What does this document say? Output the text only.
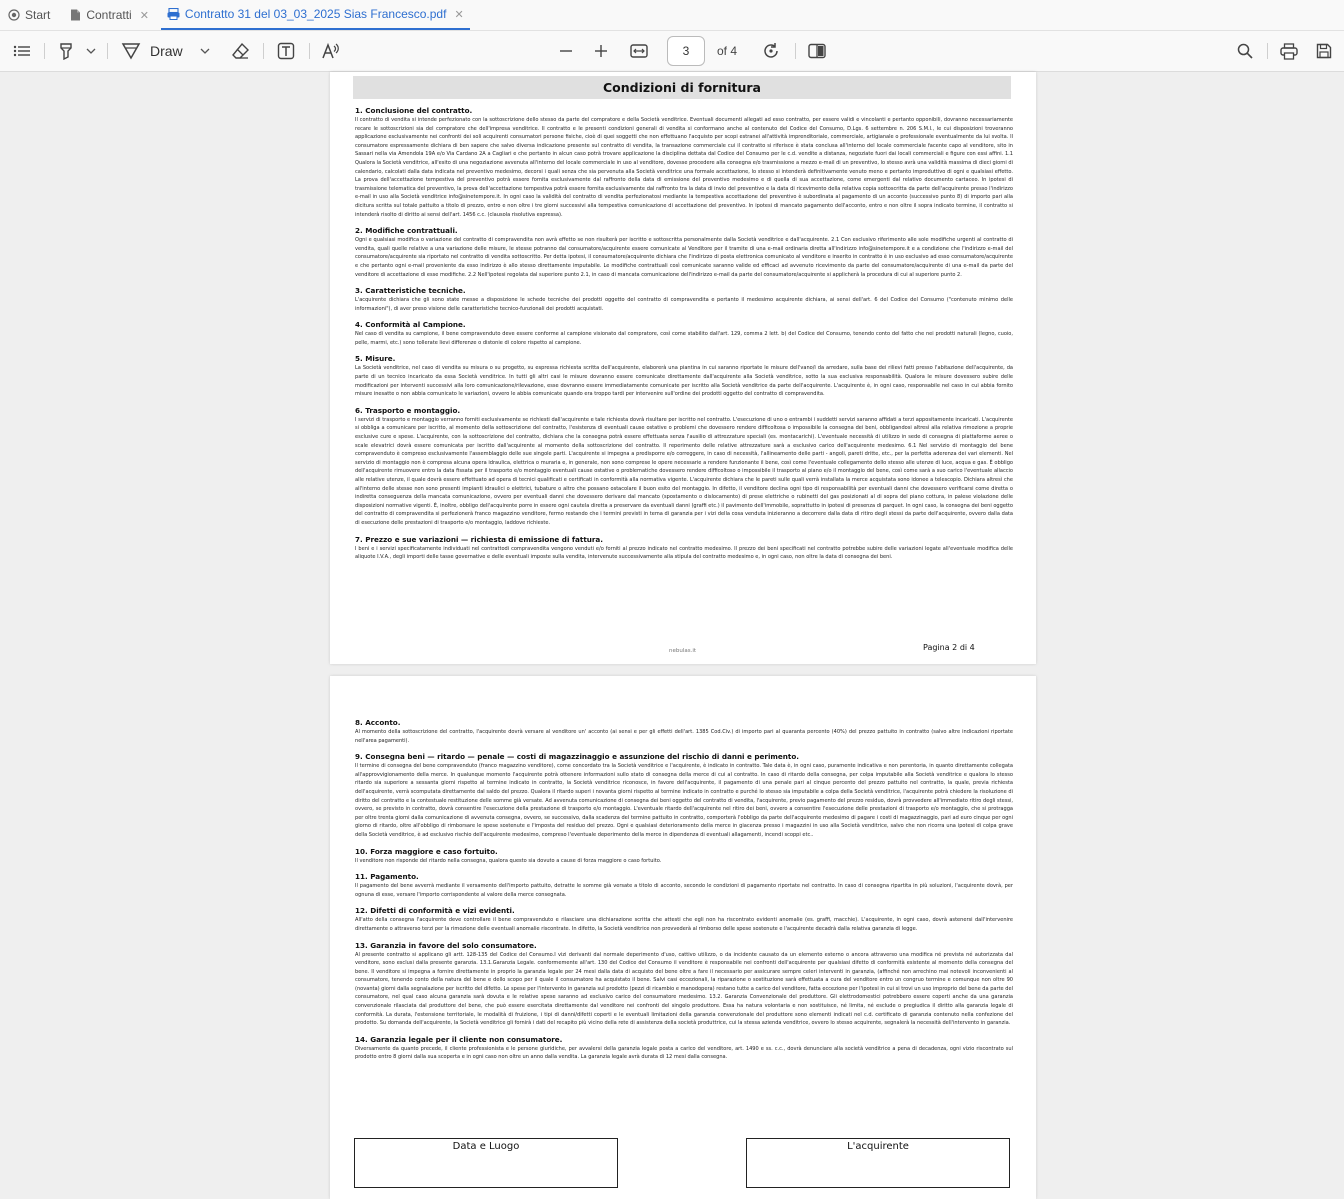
Start	Contratti ✕	Contratto 31 del 03_03_2025 Sias Francesco.pdf ✕
Draw	3	of 4
Condizioni di fornitura
1. Conclusione del contratto.

Il contratto di vendita si intende perfezionato con la sottoscrizione dello stesso da parte del compratore e della Società venditrice. Eventuali documenti allegati ad esso contratto, per essere validi e vincolanti e pertanto opponibili, dovranno necessariamente recare le sottoscrizioni sia del compratore che dell'impresa venditrice. Il contratto e le presenti condizioni generali di vendita si conformano anche al contenuto del Codice del Consumo, D.Lgs. 6 settembre n. 206 S.M.I., le cui disposizioni troveranno applicazione esclusivamente nei confronti dei soli acquirenti consumatori persone fisiche, cioè di quei soggetti che non effettuano l'acquisto per scopi estranei all'attività imprenditoriale, commerciale, artigianale o professionale eventualmente da lui svolta. Il consumatore espressamente dichiara di ben sapere che salvo diversa indicazione presente sul contratto di vendita, la transazione commerciale cui il contratto si riferisce è stata conclusa all'interno del locale commerciale facente capo al venditore, sito in Sassari nella via Amendola 19A e/o Via Cardano 2A a Cagliari e che pertanto in alcun caso potrà trovare applicazione la disciplina dettata dal Codice del Consumo per le c.d. vendite a distanza, negoziate fuori dai locali commerciali e figure con essi affini. 1.1 Qualora la Società venditrice, all'esito di una negoziazione avvenuta all'interno del locale commerciale in uso al venditore, dovesse procedere alla consegna e/o trasmissione a mezzo e-mail di un preventivo, lo stesso avrà una validità massima di dieci giorni di calendario, calcolati dalla data indicata nel preventivo medesimo, decorsi i quali senza che sia pervenuta alla Società venditrice una formale accettazione, lo stesso si intenderà definitivamente venuto meno e pertanto improduttivo di ogni e qualsiasi effetto. La prova dell'accettazione tempestiva del preventivo potrà essere fornita esclusivamente dal raffronto della data di emissione del preventivo medesimo e di quella di sua accettazione, come emergenti dal relativo documento cartaceo. In ipotesi di trasmissione telematica del preventivo, la prova dell'accettazione tempestiva potrà essere fornita esclusivamente dal raffronto tra la data di invio del preventivo e la data di ricevimento della relativa copia sottoscritta da parte dell'acquirente presso l'indirizzo e-mail in uso alla Società venditrice info@sinetempore.it. In ogni caso la validità del contratto di vendita perfezionatosi mediante la tempestiva accettazione del preventivo è subordinata al pagamento di un acconto (successivo punto 8) di importo pari alla dicitura scritta sul totale pattuito a titolo di prezzo, entro e non oltre i tre giorni successivi alla tempestiva comunicazione di accettazione del preventivo. In ipotesi di mancato pagamento dell'acconto, entro e non oltre il sopra indicato termine, il contratto si intenderà risolto di diritto ai sensi dell'art. 1456 c.c. (clausola risolutiva espressa).

2. Modifiche contrattuali.

Ogni e qualsiasi modifica o variazione del contratto di compravendita non avrà effetto se non risulterà per iscritto e sottoscritta personalmente dalla Società venditrice e dall'acquirente. 2.1 Con esclusivo riferimento alle sole modifiche urgenti al contratto di vendita, quali quelle relative a una variazione delle misure, le stesse potranno dal consumatore/acquirente essere comunicate al Venditore per il tramite di una e-mail ordinaria diretta all'indirizzo info@sinetempore.it e a condizione che l'indirizzo e-mail del consumatore/acquirente sia riportato nel contratto di vendita sottoscritto. Per detta ipotesi, il consumatore/acquirente dichiara che l'indirizzo di posta elettronica comunicato al venditore e inserito in contratto è in uso esclusivo ad esso consumatore/acquirente e che pertanto ogni e-mail proveniente da esso indirizzo è allo stesso direttamente imputabile. Le modifiche contrattuali così comunicate saranno valide ed efficaci ad avvenuto ricevimento da parte del consumatore/acquirente di una e-mail da parte del venditore di accettazione di esse modifiche. 2.2 Nell'ipotesi regolata dal superiore punto 2.1, in caso di mancata comunicazione dell'indirizzo e-mail da parte del consumatore/acquirente si applicherà la procedura di cui al superiore punto 2.

3. Caratteristiche tecniche.

L'acquirente dichiara che gli sono state messe a disposizione le schede tecniche dei prodotti oggetto del contratto di compravendita e pertanto il medesimo acquirente dichiara, ai sensi dell'art. 6 del Codice del Consumo ("contenuto minimo delle informazioni"), di aver preso visione delle caratteristiche tecnico-funzionali dei prodotti acquistati.

4. Conformità al Campione.

Nel caso di vendita su campione, il bene compravenduto deve essere conforme al campione visionato dal compratore, così come stabilito dall'art. 129, comma 2 lett. b) del Codice del Consumo, tenendo conto del fatto che nei prodotti naturali (legno, cuoio, pelle, marmi, etc.) sono tollerate lievi differenze o distonie di colore rispetto al campione.

5. Misure.

La Società venditrice, nel caso di vendita su misura o su progetto, su espressa richiesta scritta dell'acquirente, elaborerà una piantina in cui saranno riportate le misure dell'vano/i da arredare, sulla base dei rilievi fatti presso l'abitazione dell'acquirente, da parte di un tecnico incaricato da essa Società venditrice. In tutti gli altri casi le misure dovranno essere comunicate direttamente dall'acquirente alla Società venditrice, sotto la sua esclusiva responsabilità. Qualora le misure dovessero subire delle modificazioni per interventi successivi alla loro comunicazione/rilevazione, esse dovranno essere immediatamente comunicate per iscritto alla Società venditrice da parte dell'acquirente. L'acquirente è, in ogni caso, responsabile nel caso in cui abbia fornito misure inesatte o non abbia comunicato le variazioni, ovvero le abbia comunicate quando era troppo tardi per intervenire sull'ordine dei prodotti oggetto del contratto di compravendita.

6. Trasporto e montaggio.

I servizi di trasporto e montaggio verranno forniti esclusivamente se richiesti dall'acquirente e tale richiesta dovrà risultare per iscritto nel contratto. L'esecuzione di uno o entrambi i suddetti servizi saranno affidati a terzi appositamente incaricati. L'acquirente si obbliga a comunicare per iscritto, al momento della sottoscrizione del contratto, l'esistenza di eventuali cause ostative o problemi che dovessero rendere difficoltosa o impossibile la consegna dei beni, obbligandosi altresì alla relativa rimozione a proprie esclusive cure e spese. L'acquirente, con la sottoscrizione del contratto, dichiara che la consegna potrà essere effettuata senza l'ausilio di attrezzature speciali (es. montacarichi). L'eventuale necessità di utilizzo in sede di consegna di piattaforme aeree o scale elevatrici dovrà essere comunicata per iscritto dall'acquirente al momento della sottoscrizione del contratto. Il reperimento delle relative attrezzature sarà a esclusivo carico dell'acquirente medesimo. 6.1 Nel servizio di montaggio del bene compravenduto è compreso esclusivamente l'assemblaggio delle sue singole parti. L'acquirente si impegna a predisporre e/o correggere, in caso di necessità, l'allineamento delle parti - angoli, pareti dritte, etc., per la perfetta aderenza dei vari elementi. Nel servizio di montaggio non è compresa alcuna opera idraulica, elettrica o muraria e, in generale, non sono comprese le opere necessarie a rendere funzionante il bene, così come l'eventuale collegamento dello stesso alle utenze di luce, acqua e gas. È obbligo dell'acquirente rimuovere entro la data fissata per il trasporto e/o montaggio eventuali cause ostative o problematiche dovessero rendere difficoltoso o impossibile il trasporto al piano e/o il montaggio del bene, così come sarà a suo carico l'eventuale allaccio alle relative utenze, il quale dovrà essere effettuato ad opera di tecnici qualificati e certificati in conformità alla normativa vigente. L'acquirente dichiara che le pareti sulle quali verrà installata la merce acquistata sono idonee a telescopio. Dichiara altresì che all'interno delle stesse non sono presenti impianti idraulici o elettrici, tubature o altro che possano ostacolare il buon esito del montaggio. In difetto, il venditore declina ogni tipo di responsabilità per eventuali danni che dovessero verificarsi come diretta o indiretta conseguenza della mancata comunicazione, ovvero per eventuali danni che dovessero derivare dal mancato (spostamento o dislocamento) di prese elettriche o rubinetti del gas posizionati al di sopra del piano cottura, in palese violazione delle disposizioni normative vigenti. È, inoltre, obbligo dell'acquirente porre in essere ogni cautela diretta a preservare da eventuali danni (graffi etc.) il pavimento dell'immobile, soprattutto in ipotesi di presenza di parquet. In ogni caso, la consegna dei beni oggetto del contratto di compravendita si perfezionerà franco magazzino venditore, fermo restando che i termini previsti in tema di garanzia per i vizi della cosa venduta inizieranno a decorrere dalla data di ritiro degli stessi da parte dell'acquirente, ovvero dalla data di esecuzione delle prestazioni di trasporto e/o montaggio, laddove richieste.

7. Prezzo e sue variazioni — richiesta di emissione di fattura.

I beni e i servizi specificatamente individuati nel contrattodi compravendita vengono venduti e/o forniti al prezzo indicato nel contratto medesimo. Il prezzo dei beni specificati nel contratto potrebbe subire delle variazioni legate all'eventuale modifica delle aliquote I.V.A., degli importi delle tasse governative e delle eventuali imposte sulla vendita, intervenute successivamente alla stipula del contratto medesimo e, in ogni caso, non oltre la data di consegna dei beni.

nebulas.it	Pagina 2 di 4
8. Acconto.

Al momento della sottoscrizione del contratto, l'acquirente dovrà versare al venditore un' acconto (ai sensi e per gli effetti dell'art. 1385 Cod.Civ.) di importo pari al quaranta percento (40%) del prezzo pattuito in contratto (salvo altre indicazioni riportate nell'area pagamenti).

9. Consegna beni — ritardo — penale — costi di magazzinaggio e assunzione del rischio di danni e perimento.

Il termine di consegna del bene compravenduto (franco magazzino venditore), come concordato tra la Società venditrice e l'acquirente, è indicato in contratto. Tale data è, in ogni caso, puramente indicativa e non perentoria, in quanto direttamente collegata all'approvvigionamento della merce. In qualunque momento l'acquirente potrà ottenere informazioni sullo stato di consegna della merce di cui al contratto. In caso di ritardo della consegna, per colpa imputabile alla Società venditrice e qualora lo stesso ritardo sia superiore a sessanta giorni rispetto al termine indicato in contratto, la Società venditrice riconosce, in favore dell'acquirente, il pagamento di una penale pari al cinque percento del prezzo pattuito nel contratto, la quale, previa richiesta dell'acquirente, verrà scomputata direttamente dal saldo del prezzo. Qualora il ritardo superi i novanta giorni rispetto al termine indicato in contratto e purché lo stesso sia imputabile a colpa della Società venditrice, l'acquirente potrà chiedere la risoluzione di diritto del contratto e la contestuale restituzione delle somme già versate. Ad avvenuta comunicazione di consegna dei beni oggetto del contratto di vendita, l'acquirente, previo pagamento del prezzo residuo, dovrà provvedere all'immediato ritiro degli stessi, ovvero, se previsto in contratto, dovrà consentire l'esecuzione della prestazione di trasporto e/o montaggio. L'eventuale ritardo dell'acquirente nel ritiro dei beni, ovvero a consentire l'esecuzione delle prestazioni di trasporto e/o montaggio, che si protragga per oltre trenta giorni dalla comunicazione di avvenuta consegna, ovvero, se successivo, dalla scadenza del termine pattuito in contratto, comporterà l'obbligo da parte dell'acquirente medesimo di pagare i costi di magazzinaggio, pari ad euro cinque per ogni giorno di ritardo, oltre all'obbligo di rimborsare le spese sostenute e l'imposta del residuo del prezzo. Ogni e qualsiasi deterioramento della merce in giacenza presso i magazzini in uso alla Società venditrice, salvo che non ricorra una ipotesi di colpa grave della Società venditrice, è ad esclusivo rischio dell'acquirente medesimo, compreso l'eventuale deperimento della merce in dipendenza di eventuali allagamenti, incendi scoppi etc..

10. Forza maggiore e caso fortuito.

Il venditore non risponde del ritardo nella consegna, qualora questo sia dovuto a cause di forza maggiore o caso fortuito.

11. Pagamento.

Il pagamento del bene avverrà mediante il versamento dell'importo pattuito, detratte le somme già versate a titolo di acconto, secondo le condizioni di pagamento riportate nel contratto. In caso di consegna ripartita in più soluzioni, l'acquirente dovrà, per ognuna di esse, versare l'importo corrispondente al valore della merce consegnata.

12. Difetti di conformità e vizi evidenti.

All'atto della consegna l'acquirente deve controllare il bene compravenduto e rilasciare una dichiarazione scritta che attesti che egli non ha riscontrato evidenti anomalie (es. graffi, macchie). L'acquirente, in ogni caso, dovrà astenersi dall'intervenire direttamente o attraverso terzi per la rimozione delle eventuali anomalie riscontrate. In difetto, la Società venditrice non provvederà al rimborso delle spese sostenute e l'acquirente decadrà dalla relativa garanzia di legge.

13. Garanzia in favore del solo consumatore.

Al presente contratto si applicano gli artt. 128-135 del Codice del Consumo.I vizi derivanti dal normale deperimento d'uso, cattivo utilizzo, o da incidente causato da un elemento esterno o ancora attraverso una modifica né prevista né autorizzata dal venditore, sono esclusi dalla presente garanzia. 13.1.Garanzia Legale. conformemente all'art. 130 del Codice del Consumo il venditore è responsabile nei confronti dell'acquirente per qualsiasi difetto di conformità esistente al momento della consegna del bene. Il venditore si impegna a fornire direttamente in proprio la garanzia legale per 24 mesi dalla data di acquisto del bene oltre a fare il necessario per assicurare sempre celeri interventi in garanzia, (affinché non arrechino mai notevoli inconvenienti al consumatore, tenendo conto della natura del bene e dello scopo per il quale il consumatore ha acquistato il bene. Salvi casi eccezionali, la riparazione o sostituzione sarà effettuata a cura del venditore entro un congruo termine e comunque non oltre 90 (novanta) giorni dalla segnalazione per iscritto del difetto. Le spese per l'intervento in garanzia sul prodotto (pezzi di ricambio e manodopera) restano tutte a carico del venditore, fatta eccezione per l'ipotesi in cui si trovi un uso improprio del bene da parte del consumatore, nel qual caso alcuna garanzia sarà dovuta e le relative spese saranno ad esclusivo carico del consumatore medesimo. 13.2. Garanzia Convenzionale del produttore. Gli elettrodomestici potrebbero essere coperti anche da una garanzia convenzionale rilasciata dal produttore del bene, che può essere esercitata direttamente dal venditore nei confronti del singolo produttore. Essa ha natura volontaria e non sostituisce, né limita, né esclude o pregiudica il diritto alla garanzia legale di conformità. La durata, l'estensione territoriale, le modalità di fruizione, i tipi di danni/difetti coperti e le eventuali limitazioni della garanzia convenzionale del produttore sono elementi indicati nel c.d. certificato di garanzia contenuto nella confezione del prodotto. Su domanda dell'acquirente, la Società venditrice gli fornirà i dati del recapito più vicino della rete di assistenza della società produttrice, cui la stessa azienda venditrice, ovvero lo stesso acquirente, segnalerà la necessità dell'intervento in garanzia.

14. Garanzia legale per il cliente non consumatore.

Diversamente da quanto precede, il cliente professionista e le persone giuridiche, per avvalersi della garanzia legale posta a carico del venditore, art. 1490 e ss. c.c., dovrà denunciare alla società venditrice a pena di decadenza, ogni vizio riscontrato sul prodotto entro 8 giorni dalla sua scoperta e in ogni caso non oltre un anno dalla vendita. La garanzia legale avrà durata di 12 mesi dalla consegna.

Data e Luogo	L'acquirente
